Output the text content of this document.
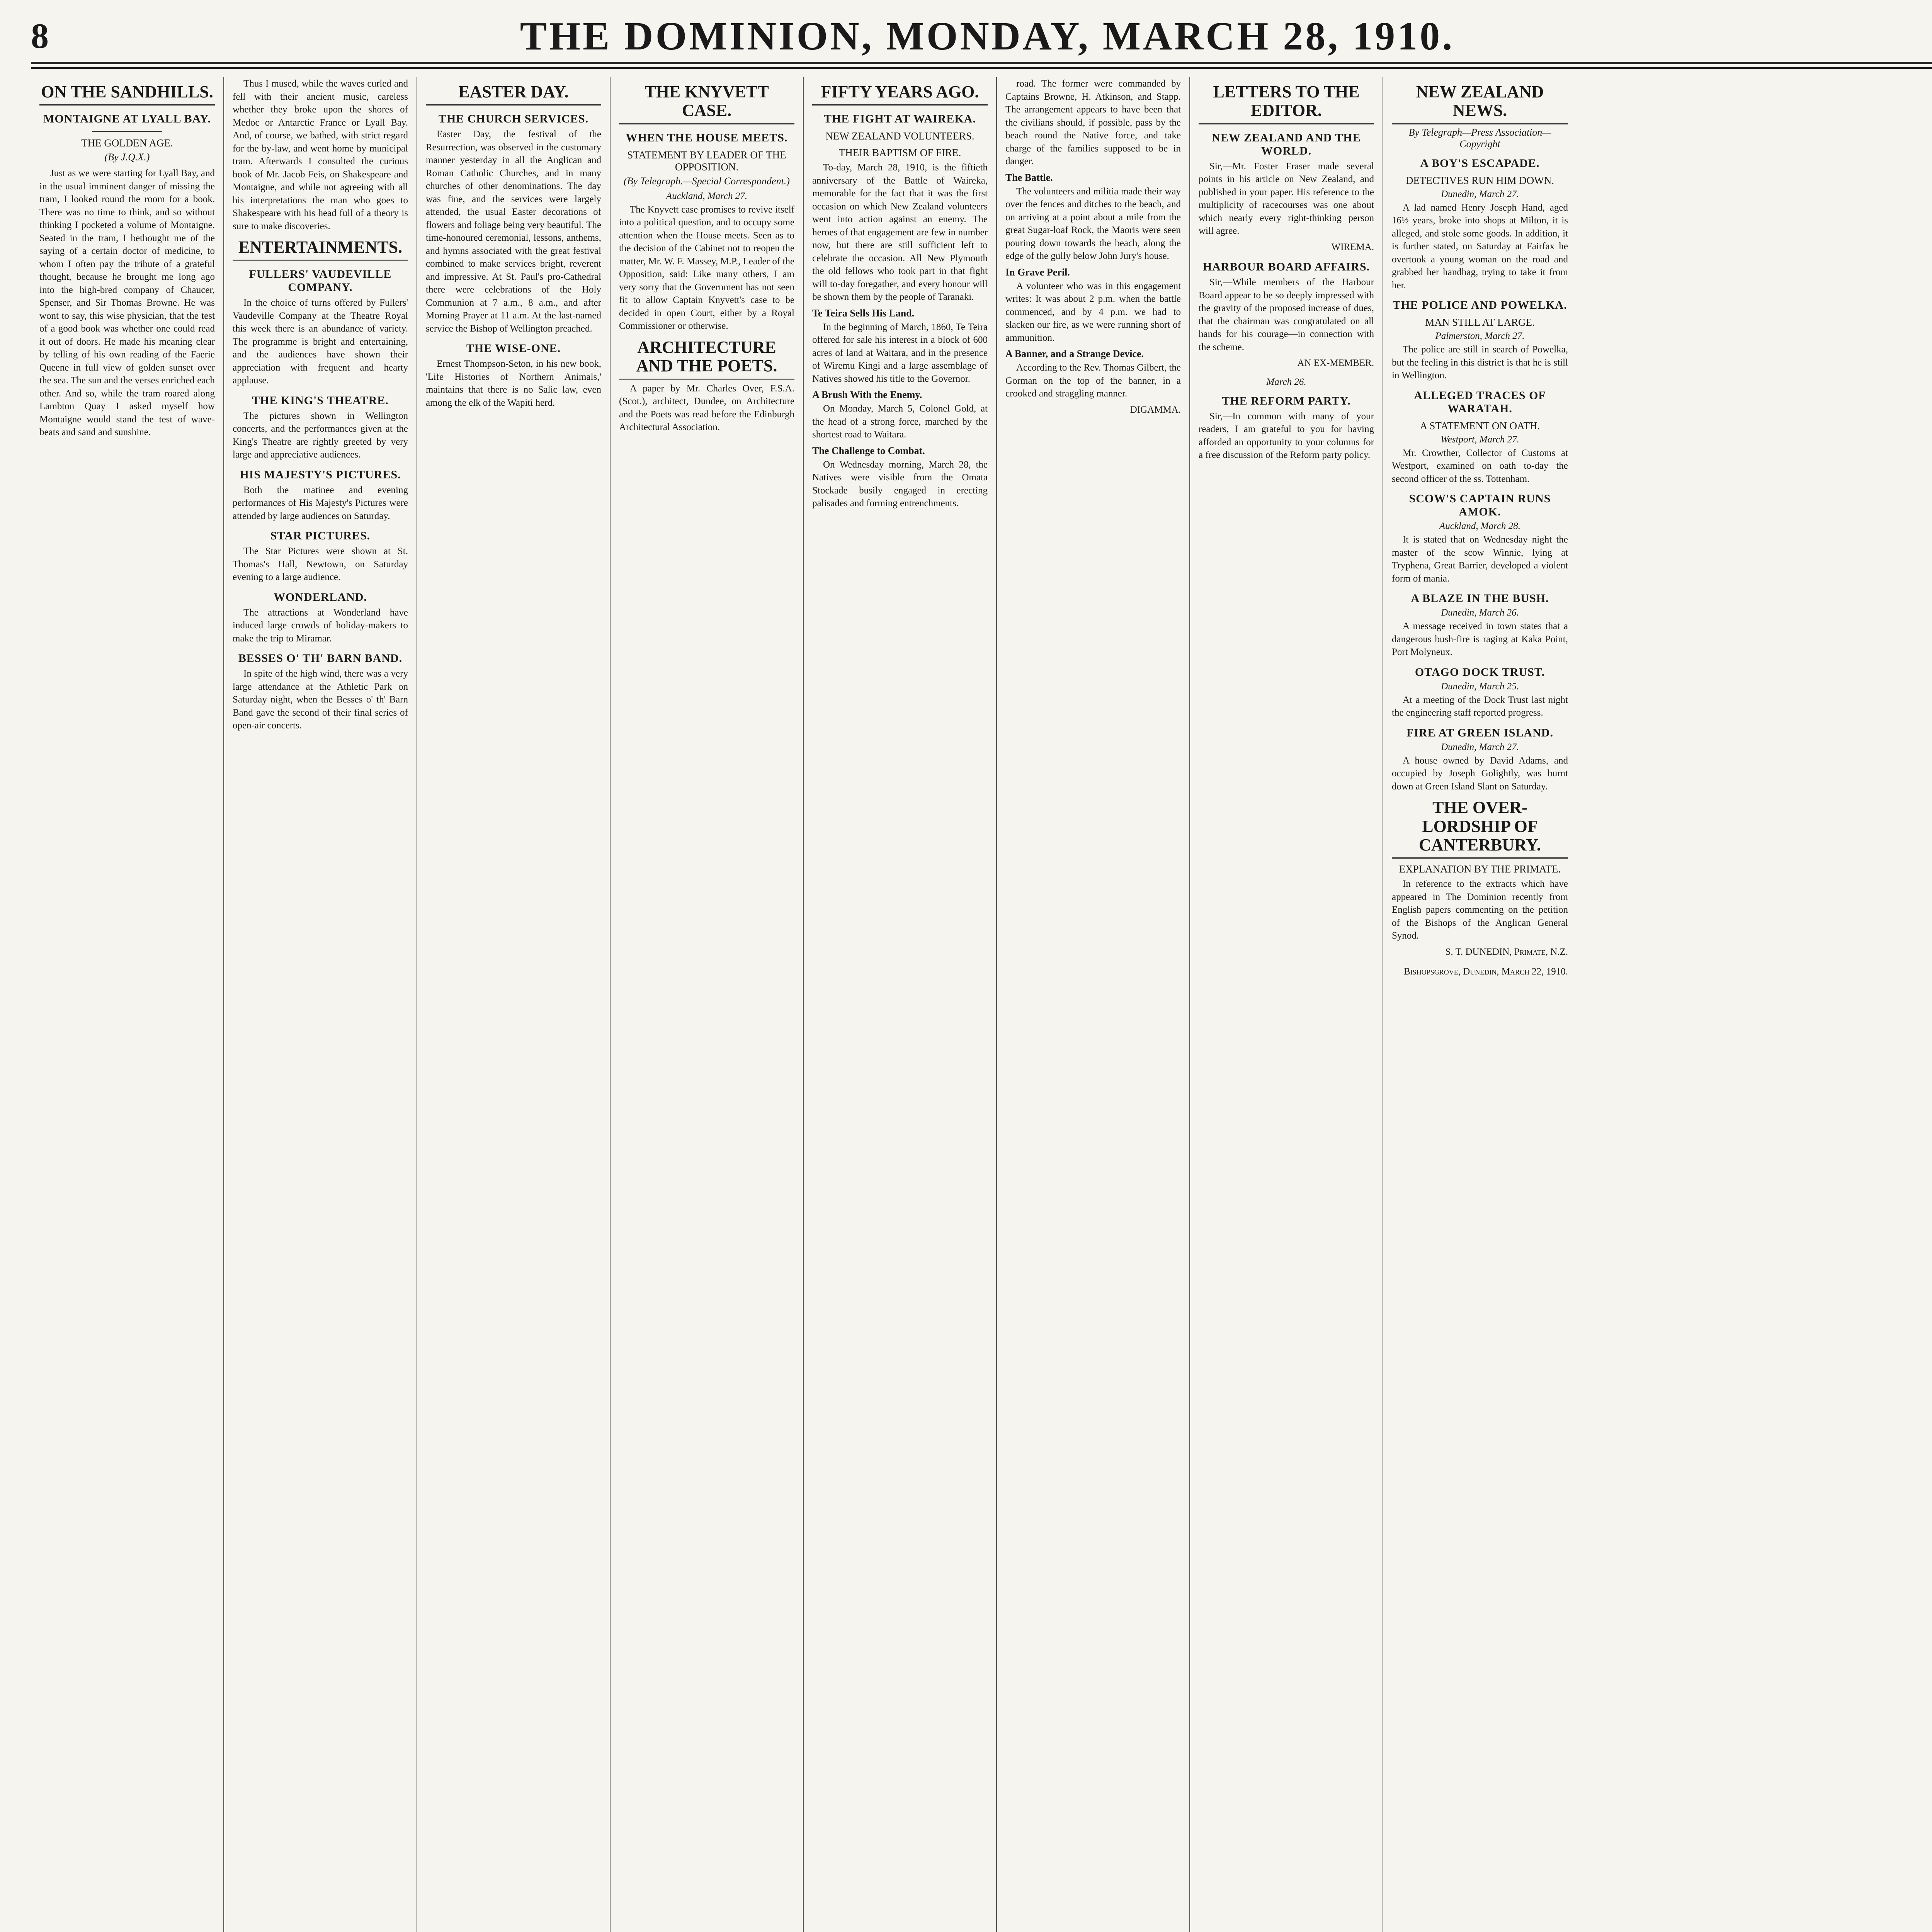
8	THE DOMINION, MONDAY, MARCH 28, 1910.
ON THE SANDHILLS.
MONTAIGNE AT LYALL BAY.
THE GOLDEN AGE.
(By J.Q.X.)

Just as we were starting for Lyall Bay, and in the usual imminent danger of missing the tram, I looked round the room for a book. There was no time to think, and so without thinking I pocketed a volume of Montaigne. Seated in the tram, I bethought me of the saying of a certain doctor of medicine, to whom I often pay the tribute of a grateful thought, because he brought me long ago into the high-bred company of Chaucer, Spenser, and Sir Thomas Browne. He was wont to say, this wise physician, that the test of a good book was whether one could read it out of doors. He made his meaning clear by telling of his own reading of the Faerie Queene in full view of golden sunset over the sea. The sun and the verses enriched each other. And so, while the tram roared along Lambton Quay I asked myself how Montaigne would stand the test of wave-beats and sand and sunshine.

Thus I mused, while the waves curled and fell with their ancient music, careless whether they broke upon the shores of Medoc or Antarctic France or Lyall Bay. And, of course, we bathed, with strict regard for the by-law, and went home by municipal tram. Afterwards I consulted the curious book of Mr. Jacob Feis, on Shakespeare and Montaigne, and while not agreeing with all his interpretations the man who goes to Shakespeare with his head full of a theory is sure to make discoveries.

ENTERTAINMENTS.
FULLERS' VAUDEVILLE COMPANY.

In the choice of turns offered by Fullers' Vaudeville Company at the Theatre Royal this week there is an abundance of variety. The programme is bright and entertaining, and the audiences have shown their appreciation with frequent and hearty applause.

THE KING'S THEATRE.

The pictures shown in Wellington concerts, and the performances given at the King's Theatre are rightly greeted by very large and appreciative audiences.

HIS MAJESTY'S PICTURES.

Both the matinee and evening performances of His Majesty's Pictures were attended by large audiences on Saturday.

STAR PICTURES.

The Star Pictures were shown at St. Thomas's Hall, Newtown, on Saturday evening to a large audience.

WONDERLAND.

The attractions at Wonderland have induced large crowds of holiday-makers to make the trip to Miramar.

BESSES O' TH' BARN BAND.

In spite of the high wind, there was a very large attendance at the Athletic Park on Saturday night, when the Besses o' th' Barn Band gave the second of their final series of open-air concerts.

EASTER DAY.
THE CHURCH SERVICES.

Easter Day, the festival of the Resurrection, was observed in the customary manner yesterday in all the Anglican and Roman Catholic Churches, and in many churches of other denominations. The day was fine, and the services were largely attended, the usual Easter decorations of flowers and foliage being very beautiful. The time-honoured ceremonial, lessons, anthems, and hymns associated with the great festival combined to make services bright, reverent and impressive. At St. Paul's pro-Cathedral there were celebrations of the Holy Communion at 7 a.m., 8 a.m., and after Morning Prayer at 11 a.m. At the last-named service the Bishop of Wellington preached.

THE WISE-ONE.

Ernest Thompson-Seton, in his new book, 'Life Histories of Northern Animals,' maintains that there is no Salic law, even among the elk of the Wapiti herd.

THE KNYVETT CASE.
WHEN THE HOUSE MEETS.
STATEMENT BY LEADER OF THE OPPOSITION.
(By Telegraph.—Special Correspondent.)
Auckland, March 27.

The Knyvett case promises to revive itself into a political question, and to occupy some attention when the House meets. Seen as to the decision of the Cabinet not to reopen the matter, Mr. W. F. Massey, M.P., Leader of the Opposition, said: Like many others, I am very sorry that the Government has not seen fit to allow Captain Knyvett's case to be decided in open Court, either by a Royal Commissioner or otherwise.

ARCHITECTURE AND THE POETS.

A paper by Mr. Charles Over, F.S.A. (Scot.), architect, Dundee, on Architecture and the Poets was read before the Edinburgh Architectural Association.

FIFTY YEARS AGO.
THE FIGHT AT WAIREKA.
NEW ZEALAND VOLUNTEERS.
THEIR BAPTISM OF FIRE.

To-day, March 28, 1910, is the fiftieth anniversary of the Battle of Waireka, memorable for the fact that it was the first occasion on which New Zealand volunteers went into action against an enemy. The heroes of that engagement are few in number now, but there are still sufficient left to celebrate the occasion. All New Plymouth the old fellows who took part in that fight will to-day foregather, and every honour will be shown them by the people of Taranaki.

Te Teira Sells His Land.

In the beginning of March, 1860, Te Teira offered for sale his interest in a block of 600 acres of land at Waitara, and in the presence of Wiremu Kingi and a large assemblage of Natives showed his title to the Governor.

A Brush With the Enemy.

On Monday, March 5, Colonel Gold, at the head of a strong force, marched by the shortest road to Waitara.

The Challenge to Combat.

On Wednesday morning, March 28, the Natives were visible from the Omata Stockade busily engaged in erecting palisades and forming entrenchments.

road. The former were commanded by Captains Browne, H. Atkinson, and Stapp. The arrangement appears to have been that the civilians should, if possible, pass by the beach round the Native force, and take charge of the families supposed to be in danger.

The Battle.

The volunteers and militia made their way over the fences and ditches to the beach, and on arriving at a point about a mile from the great Sugar-loaf Rock, the Maoris were seen pouring down towards the beach, along the edge of the gully below John Jury's house.

In Grave Peril.

A volunteer who was in this engagement writes: It was about 2 p.m. when the battle commenced, and by 4 p.m. we had to slacken our fire, as we were running short of ammunition.

A Banner, and a Strange Device.

According to the Rev. Thomas Gilbert, the Gorman on the top of the banner, in a crooked and straggling manner.

DIGAMMA.

LETTERS TO THE EDITOR.
NEW ZEALAND AND THE WORLD.

Sir,—Mr. Foster Fraser made several points in his article on New Zealand, and published in your paper. His reference to the multiplicity of racecourses was one about which nearly every right-thinking person will agree.

WIREMA.

HARBOUR BOARD AFFAIRS.

Sir,—While members of the Harbour Board appear to be so deeply impressed with the gravity of the proposed increase of dues, that the chairman was congratulated on all hands for his courage—in connection with the scheme.

AN EX-MEMBER.

March 26.
THE REFORM PARTY.

Sir,—In common with many of your readers, I am grateful to you for having afforded an opportunity to your columns for a free discussion of the Reform party policy.

NEW ZEALAND NEWS.
By Telegraph—Press Association—Copyright
A BOY'S ESCAPADE.
DETECTIVES RUN HIM DOWN.
Dunedin, March 27.

A lad named Henry Joseph Hand, aged 16½ years, broke into shops at Milton, it is alleged, and stole some goods. In addition, it is further stated, on Saturday at Fairfax he overtook a young woman on the road and grabbed her handbag, trying to take it from her.

THE POLICE AND POWELKA.
MAN STILL AT LARGE.
Palmerston, March 27.

The police are still in search of Powelka, but the feeling in this district is that he is still in Wellington.

ALLEGED TRACES OF WARATAH.
A STATEMENT ON OATH.
Westport, March 27.

Mr. Crowther, Collector of Customs at Westport, examined on oath to-day the second officer of the ss. Tottenham.

SCOW'S CAPTAIN RUNS AMOK.
Auckland, March 28.

It is stated that on Wednesday night the master of the scow Winnie, lying at Tryphena, Great Barrier, developed a violent form of mania.

A BLAZE IN THE BUSH.
Dunedin, March 26.

A message received in town states that a dangerous bush-fire is raging at Kaka Point, Port Molyneux.

OTAGO DOCK TRUST.
Dunedin, March 25.

At a meeting of the Dock Trust last night the engineering staff reported progress.

FIRE AT GREEN ISLAND.
Dunedin, March 27.

A house owned by David Adams, and occupied by Joseph Golightly, was burnt down at Green Island Slant on Saturday.

THE OVER-LORDSHIP OF CANTERBURY.
EXPLANATION BY THE PRIMATE.

In reference to the extracts which have appeared in The Dominion recently from English papers commenting on the petition of the Bishops of the Anglican General Synod.

S. T. DUNEDIN, Primate, N.Z.

Bishopsgrove, Dunedin, March 22, 1910.
